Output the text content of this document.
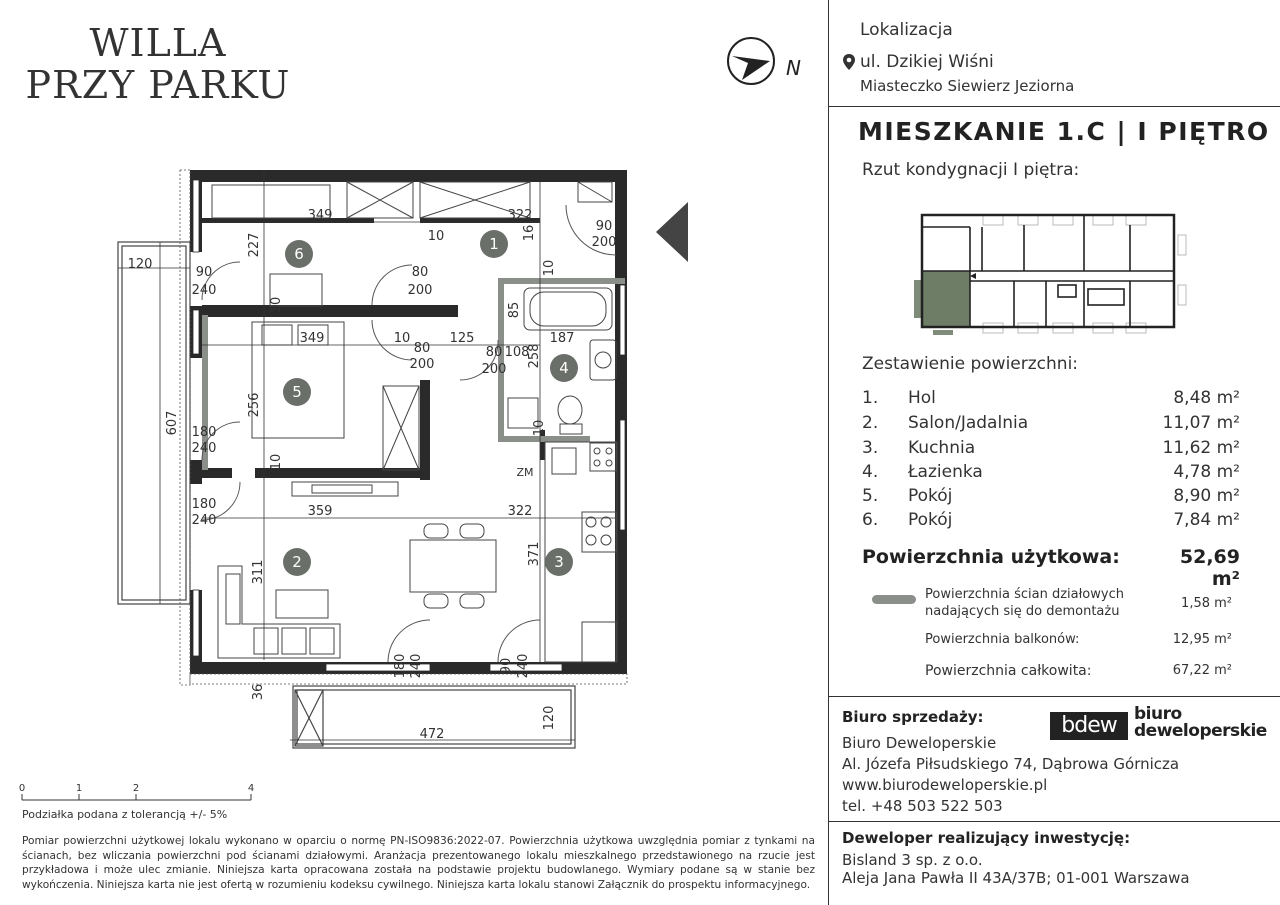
WILLA
PRZY PARKU	N
Lokalizacja
ul. Dzikiej Wiśni
Miasteczko Siewierz Jeziorna
MIESZKANIE 1.C | I PIĘTRO
Rzut kondygnacji I piętra:
Zestawienie powierzchni:
1. Hol	8,48 m²
2. Salon/Jadalnia	11,07 m²
3. Kuchnia	11,62 m²
4. Łazienka	4,78 m²
5. Pokój	8,90 m²
6. Pokój	7,84 m²
Powierzchnia użytkowa:	52,69 m²
Powierzchnia ścian działowych nadających się do demontażu
1,58 m²
Powierzchnia balkonów:	12,95 m²
Powierzchnia całkowita:	67,22 m²
Biuro sprzedaży:	bdew	biuro
deweloperskie
Biuro Deweloperskie
Al. Józefa Piłsudskiego 74, Dąbrowa Górnicza
www.biurodeweloperskie.pl
tel. +48 503 522 503
Deweloper realizujący inwestycję:
Bisland 3 sp. z o.o.
Aleja Jana Pawła II 43A/37B; 01-001 Warszawa
0	1	2	4
Podziałka podana z tolerancją +/- 5%
Pomiar powierzchni użytkowej lokalu wykonano w oparciu o normę PN-ISO9836:2022-07. Powierzchnia użytkowa uwzględnia pomiar z tynkami na ścianach, bez wliczania powierzchni pod ścianami działowymi. Aranżacja prezentowanego lokalu mieszkalnego przedstawionego na rzucie jest przykładowa i może ulec zmianie. Niniejsza karta opracowana została na podstawie projektu budowlanego. Wymiary podane są w stanie bez wykończenia. Niniejsza karta nie jest ofertą w rozumieniu kodeksu cywilnego. Niniejsza karta lokalu stanowi Załącznik do prospektu informacyjnego.
1
2	3
4
5
6
349	322
16	90
200
120
90
240
227	10
80
200
10
85
10
349	10	125	187
80
200
80
200
108
258
256
180
240
10
10
180
240
359	322
607
371
311
180 240	90 240
36
472
120
ZM
